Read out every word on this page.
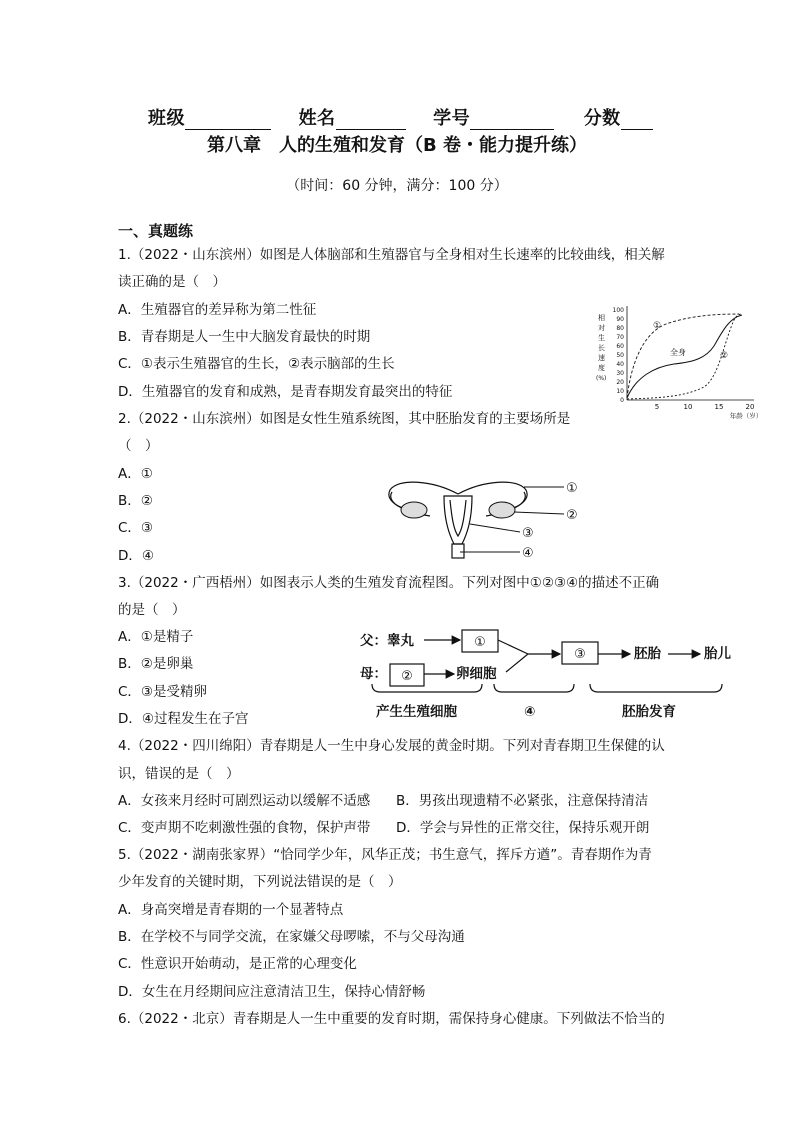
班级	姓名	学号	分数
第八章　人的生殖和发育（B 卷・能力提升练）
（时间：60 分钟，满分：100 分）
一、真题练
1.（2022・山东滨州）如图是人体脑部和生殖器官与全身相对生长速率的比较曲线，相关解
读正确的是（　）
A．生殖器官的差异称为第二性征
B．青春期是人一生中大脑发育最快的时期
C．①表示生殖器官的生长，②表示脑部的生长
D．生殖器官的发育和成熟，是青春期发育最突出的特征
相
对
生
长
速
度
(%)
100
90
80
70
60
50
40
30
20
10
0
5	10	15	20
年龄（岁）
①
全身	②
2.（2022・山东滨州）如图是女性生殖系统图，其中胚胎发育的主要场所是
（　）
A．①
B．②
C．③
D．④
①
②
③
④
3.（2022・广西梧州）如图表示人类的生殖发育流程图。下列对图中①②③④的描述不正确
的是（　）
A．①是精子
B．②是卵巢
C．③是受精卵
D．④过程发生在子宫
父：睾丸
母：	卵细胞
胚胎	胎儿
产生生殖细胞	④	胚胎发育
①
②
③
4.（2022・四川绵阳）青春期是人一生中身心发展的黄金时期。下列对青春期卫生保健的认
识，错误的是（　）
A．女孩来月经时可剧烈运动以缓解不适感 B．男孩出现遗精不必紧张，注意保持清洁
C．变声期不吃刺激性强的食物，保护声带 D．学会与异性的正常交往，保持乐观开朗
5.（2022・湖南张家界）“恰同学少年，风华正茂；书生意气，挥斥方遒”。青春期作为青
少年发育的关键时期，下列说法错误的是（　）
A．身高突增是青春期的一个显著特点
B．在学校不与同学交流，在家嫌父母啰嗦，不与父母沟通
C．性意识开始萌动，是正常的心理变化
D．女生在月经期间应注意清洁卫生，保持心情舒畅
6.（2022・北京）青春期是人一生中重要的发育时期，需保持身心健康。下列做法不恰当的
